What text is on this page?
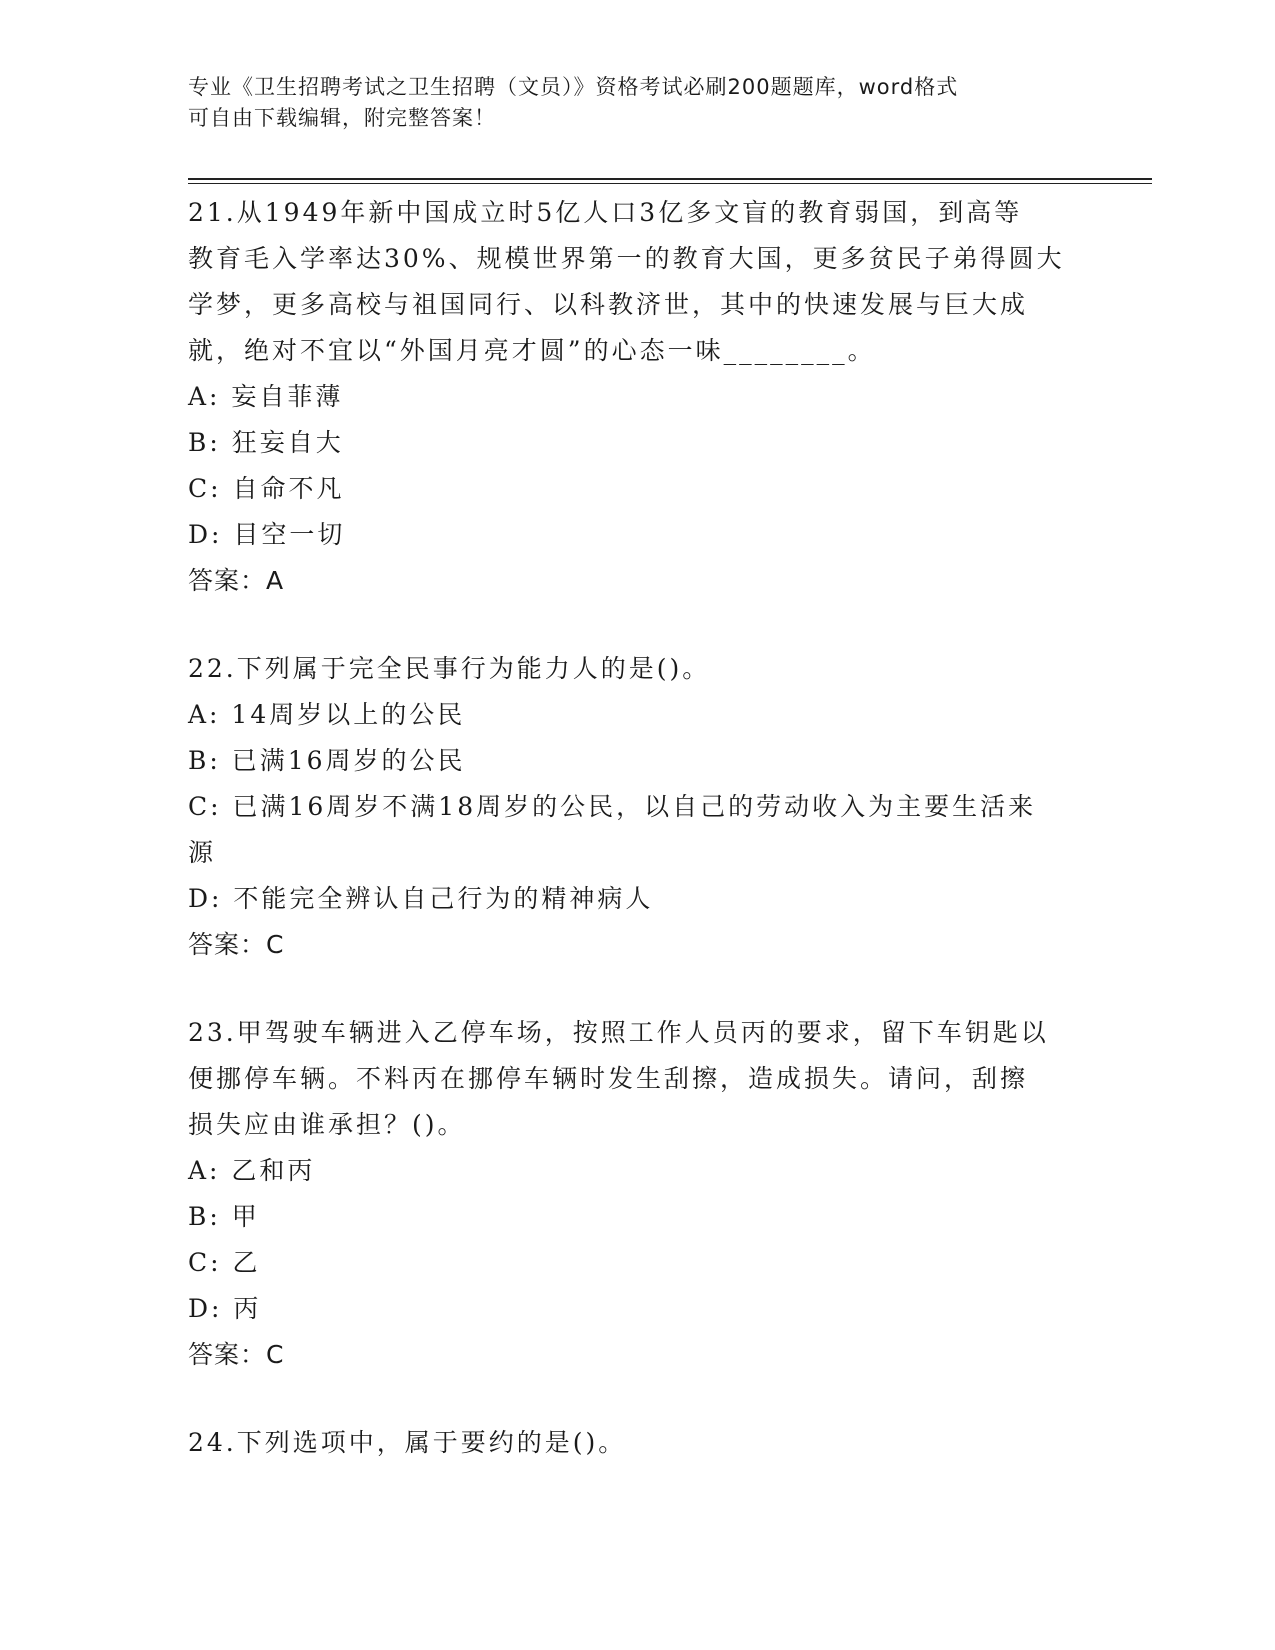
专业《卫生招聘考试之卫生招聘（文员）》资格考试必刷200题题库，word格式
可自由下载编辑，附完整答案！
21.从1949年新中国成立时5亿人口3亿多文盲的教育弱国，到高等
教育毛入学率达30%、规模世界第一的教育大国，更多贫民子弟得圆大
学梦，更多高校与祖国同行、以科教济世，其中的快速发展与巨大成
就，绝对不宜以“外国月亮才圆”的心态一味________。
A: 妄自菲薄
B: 狂妄自大
C: 自命不凡
D: 目空一切
答案：A
22.下列属于完全民事行为能力人的是()。
A: 14周岁以上的公民
B: 已满16周岁的公民
C: 已满16周岁不满18周岁的公民，以自己的劳动收入为主要生活来
源
D: 不能完全辨认自己行为的精神病人
答案：C
23.甲驾驶车辆进入乙停车场，按照工作人员丙的要求，留下车钥匙以
便挪停车辆。不料丙在挪停车辆时发生刮擦，造成损失。请问，刮擦
损失应由谁承担？()。
A: 乙和丙
B: 甲
C: 乙
D: 丙
答案：C
24.下列选项中，属于要约的是()。
